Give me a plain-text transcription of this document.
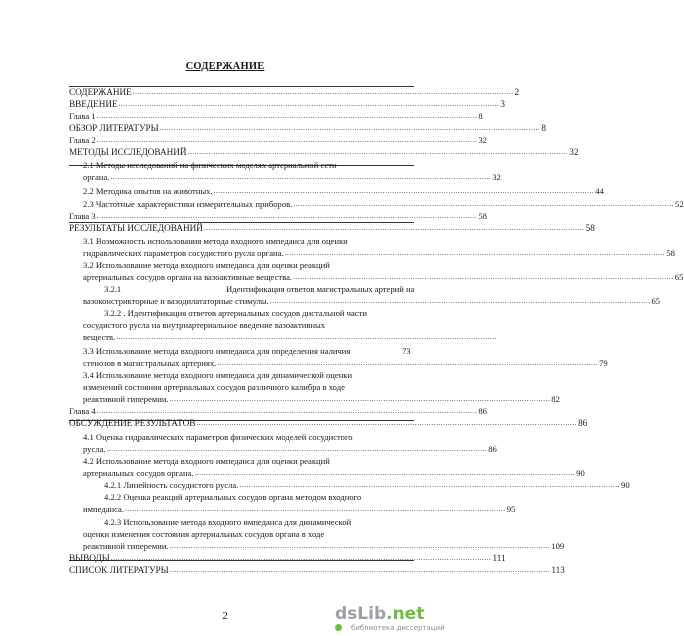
СОДЕРЖАНИЕ
СОДЕРЖАНИЕ .................................................................................................................................................................. 2
ВВЕДЕНИЕ .................................................................................................................................................................. 3
Глава 1 .................................................................................................................................................................. 8
ОБЗОР ЛИТЕРАТУРЫ .................................................................................................................................................................. 8
Глава 2 .................................................................................................................................................................. 32
МЕТОДЫ ИССЛЕДОВАНИЙ .................................................................................................................................................................. 32
2.1 Методы исследований на физических моделях артериальной сети
органа. .................................................................................................................................................................. 32
2.2 Методика опытов на животных. .................................................................................................................................................................. 44
2.3 Частотные характеристики измерительных приборов. .................................................................................................................................................................. 52
Глава 3 .................................................................................................................................................................. 58
РЕЗУЛЬТАТЫ ИССЛЕДОВАНИЙ .................................................................................................................................................................. 58
3.1 Возможность использования метода входного импеданса для оценки
гидравлических параметров сосудистого русла органа. .................................................................................................................................................................. 58
3.2 Использование метода входного импеданса для оценки реакций
артериальных сосудов органа на вазоактивные вещества. .................................................................................................................................................................. 65
3.2.1	Идентификация ответов магистральных артерий на
вазоконстрикторные и вазодилататорные стимулы. .................................................................................................................................................................. 65
3.2.2 . Идентификация ответов артериальных сосудов дистальной части
сосудистого русла на внутриартериальное введение вазоактивных
веществ. ..................................................................................................................................................................
73
3.3 Использование метода входного импеданса для определения наличия
стенозов в магистральных артериях. .................................................................................................................................................................. 79
3.4 Использование метода входного импеданса для динамической оценки
изменений состояния артериальных сосудов различного калибра в ходе
реактивной гиперемии. .................................................................................................................................................................. 82
Глава 4 .................................................................................................................................................................. 86
ОБСУЖДЕНИЕ РЕЗУЛЬТАТОВ .................................................................................................................................................................. 86
4.1 Оценка гидравлических параметров физических моделей сосудистого
русла. .................................................................................................................................................................. 86
4.2 Использование метода входного импеданса для оценки реакций
артериальных сосудов органа. .................................................................................................................................................................. 90
4.2.1 Линейность сосудистого русла. .................................................................................................................................................................. 90
4.2.2 Оценка реакций артериальных сосудов органа методом входного
импеданса. .................................................................................................................................................................. 95
4.2.3 Использование метода входного импеданса для динамической
оценки изменения состояния артериальных сосудов органа в ходе
реактивной гиперемии. .................................................................................................................................................................. 109
ВЫВОДЫ .................................................................................................................................................................. 111
СПИСОК ЛИТЕРАТУРЫ .................................................................................................................................................................. 113
2	dsLib.net
библиотека диссертаций
